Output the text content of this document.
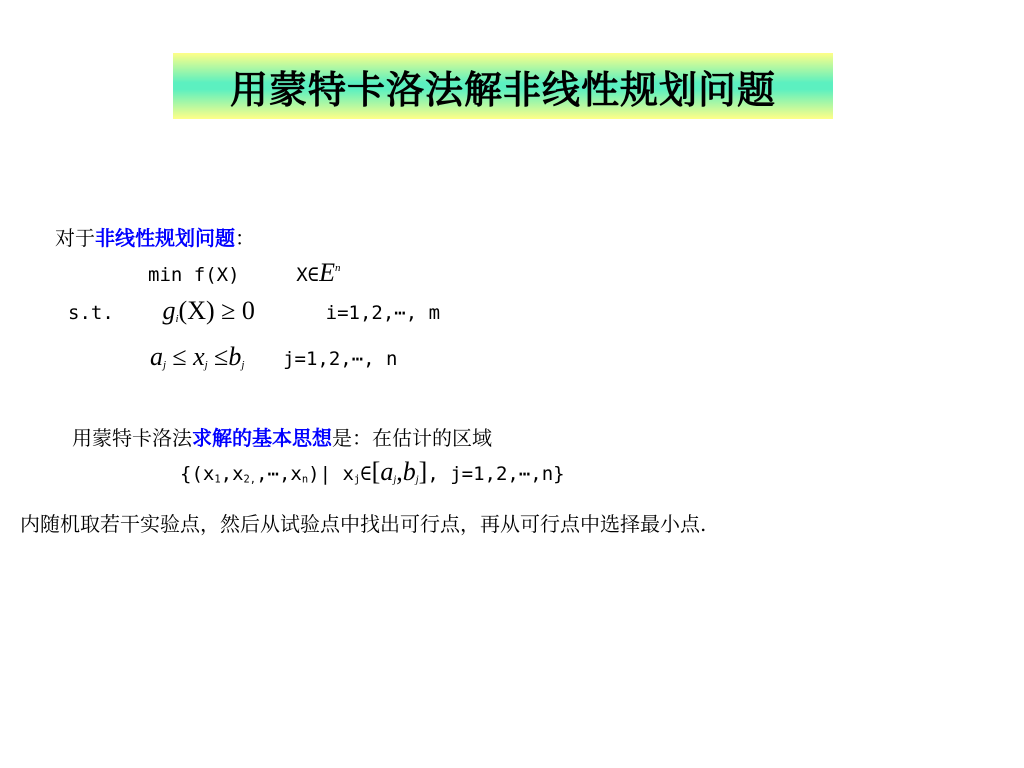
用蒙特卡洛法解非线性规划问题
对于非线性规划问题：
min f(X)	$X\in E^n$
s.t. $g_i(X) \ge 0$	i=1,2,⋯, m
$a_j \le x_j \le b_j$ j=1,2,⋯, n
用蒙特卡洛法求解的基本思想是：在估计的区域
{$(x_1,x_{2,},\cdots,x_n)|$ $x_j\in[a_j,b_j]$, j=1,2,⋯,n}
内随机取若干实验点，然后从试验点中找出可行点，再从可行点中选择最小点.
